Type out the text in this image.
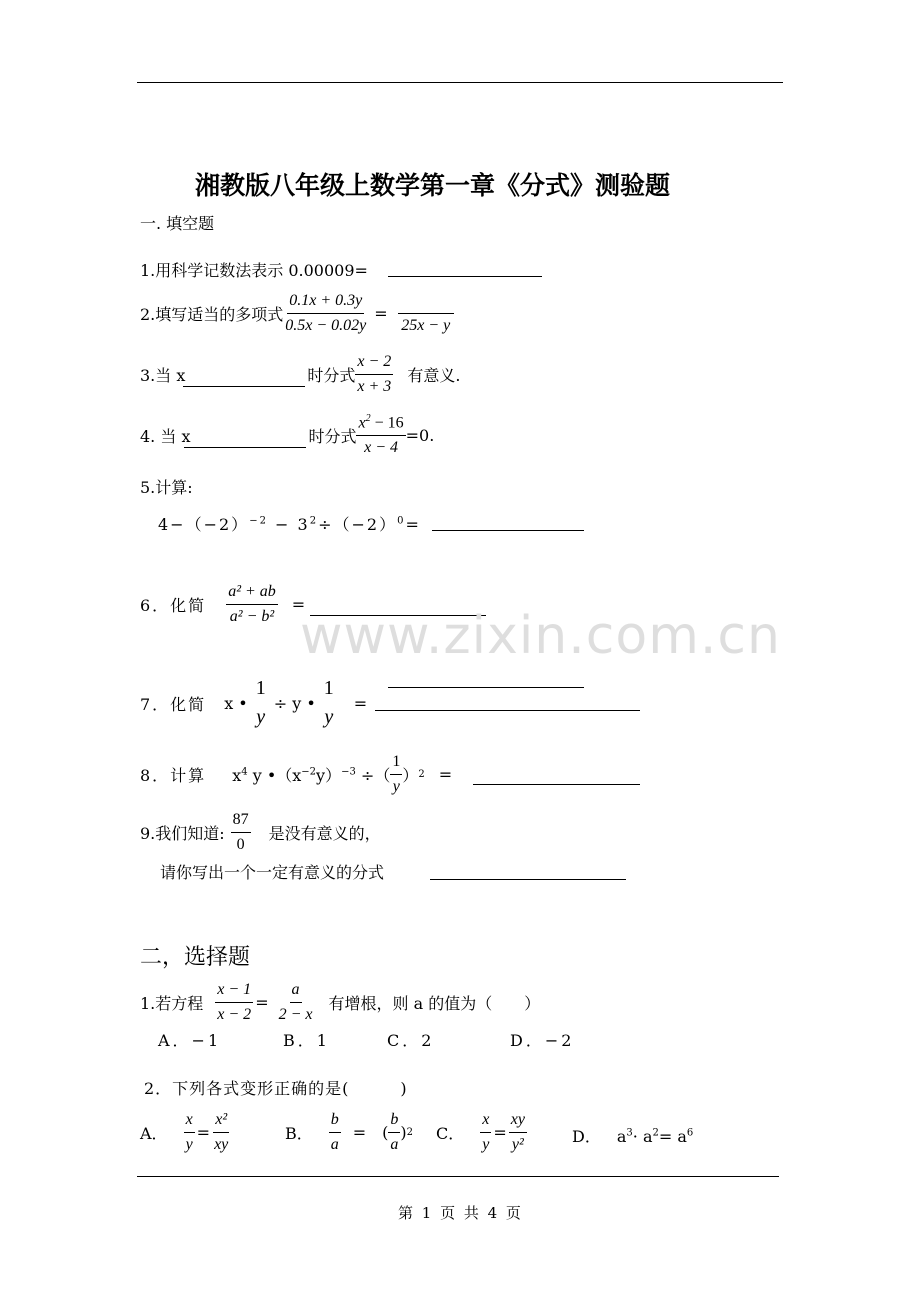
湘教版八年级上数学第一章《分式》测验题
一. 填空题
1.用科学记数法表示 0.00009=
2.填写适当的多项式 $\frac{0.1x + 0.3y}{0.5x - 0.02y}$ =
25x − y
3.当 x	时分式 $\frac{x - 2}{x + 3}$ 有意义.
4. 当 x	时分式 $\frac{x^2 - 16}{x - 4} =0$.
5.计算:
$4-(-2)^{-2} - 3^2\div(-2)^0=$
6．化简 $\frac{\text{a² + ab}}{\text{a² − b²}}$ =
www.zixin.com.cn
7．化简 x •
1
y
÷ y •
1
y
=
8．计算 $x^4$ y $•(x^{-2}y)^{-3}$ ÷（ $\frac{1}{y}$ ） 2 =
9.我们知道: $\frac{87}{0}$ 是没有意义的，
请你写出一个一定有意义的分式
二，选择题
1.若方程 $\frac{x - 1}{x - 2} = \frac{a}{2 - x}$ 有增根，则 a 的值为（　　）
A．−1	B．1	C．2	D．−2
2．下列各式变形正确的是(　　　)
A． $\frac{x}{y} = \frac{\text{x²}}{xy}$	B． $\frac{b}{a}$ = ( $\frac{b}{a}$ ) 2 C． $\frac{x}{y} = \frac{xy}{\text{y²}}$	D． $a^3\cdot a^2= a^6$
第 1 页 共 4 页
